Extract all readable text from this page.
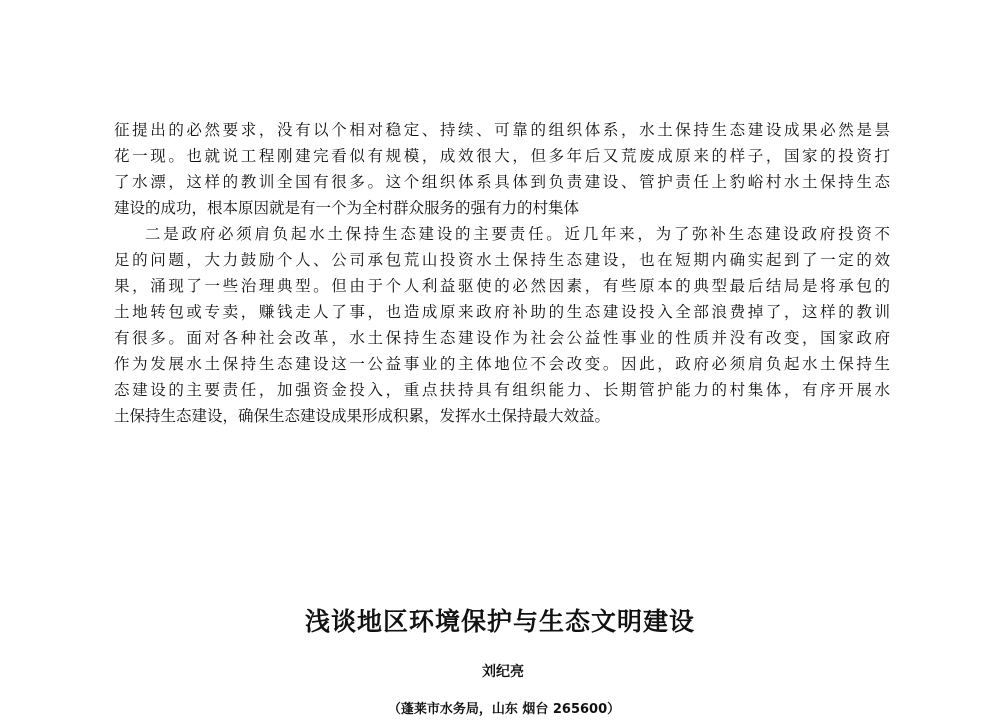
征提出的必然要求，没有以个相对稳定、持续、可靠的组织体系，水土保持生态建设成果必然是昙
花一现。也就说工程刚建完看似有规模，成效很大，但多年后又荒废成原来的样子，国家的投资打
了水漂，这样的教训全国有很多。这个组织体系具体到负责建设、管护责任上豹峪村水土保持生态
建设的成功，根本原因就是有一个为全村群众服务的强有力的村集体
二是政府必须肩负起水土保持生态建设的主要责任。近几年来，为了弥补生态建设政府投资不
足的问题，大力鼓励个人、公司承包荒山投资水土保持生态建设，也在短期内确实起到了一定的效
果，涌现了一些治理典型。但由于个人利益驱使的必然因素，有些原本的典型最后结局是将承包的
土地转包或专卖，赚钱走人了事，也造成原来政府补助的生态建设投入全部浪费掉了，这样的教训
有很多。面对各种社会改革，水土保持生态建设作为社会公益性事业的性质并没有改变，国家政府
作为发展水土保持生态建设这一公益事业的主体地位不会改变。因此，政府必须肩负起水土保持生
态建设的主要责任，加强资金投入，重点扶持具有组织能力、长期管护能力的村集体，有序开展水
土保持生态建设，确保生态建设成果形成积累，发挥水土保持最大效益。
浅谈地区环境保护与生态文明建设
刘纪亮
（蓬莱市水务局，山东 烟台 265600）
